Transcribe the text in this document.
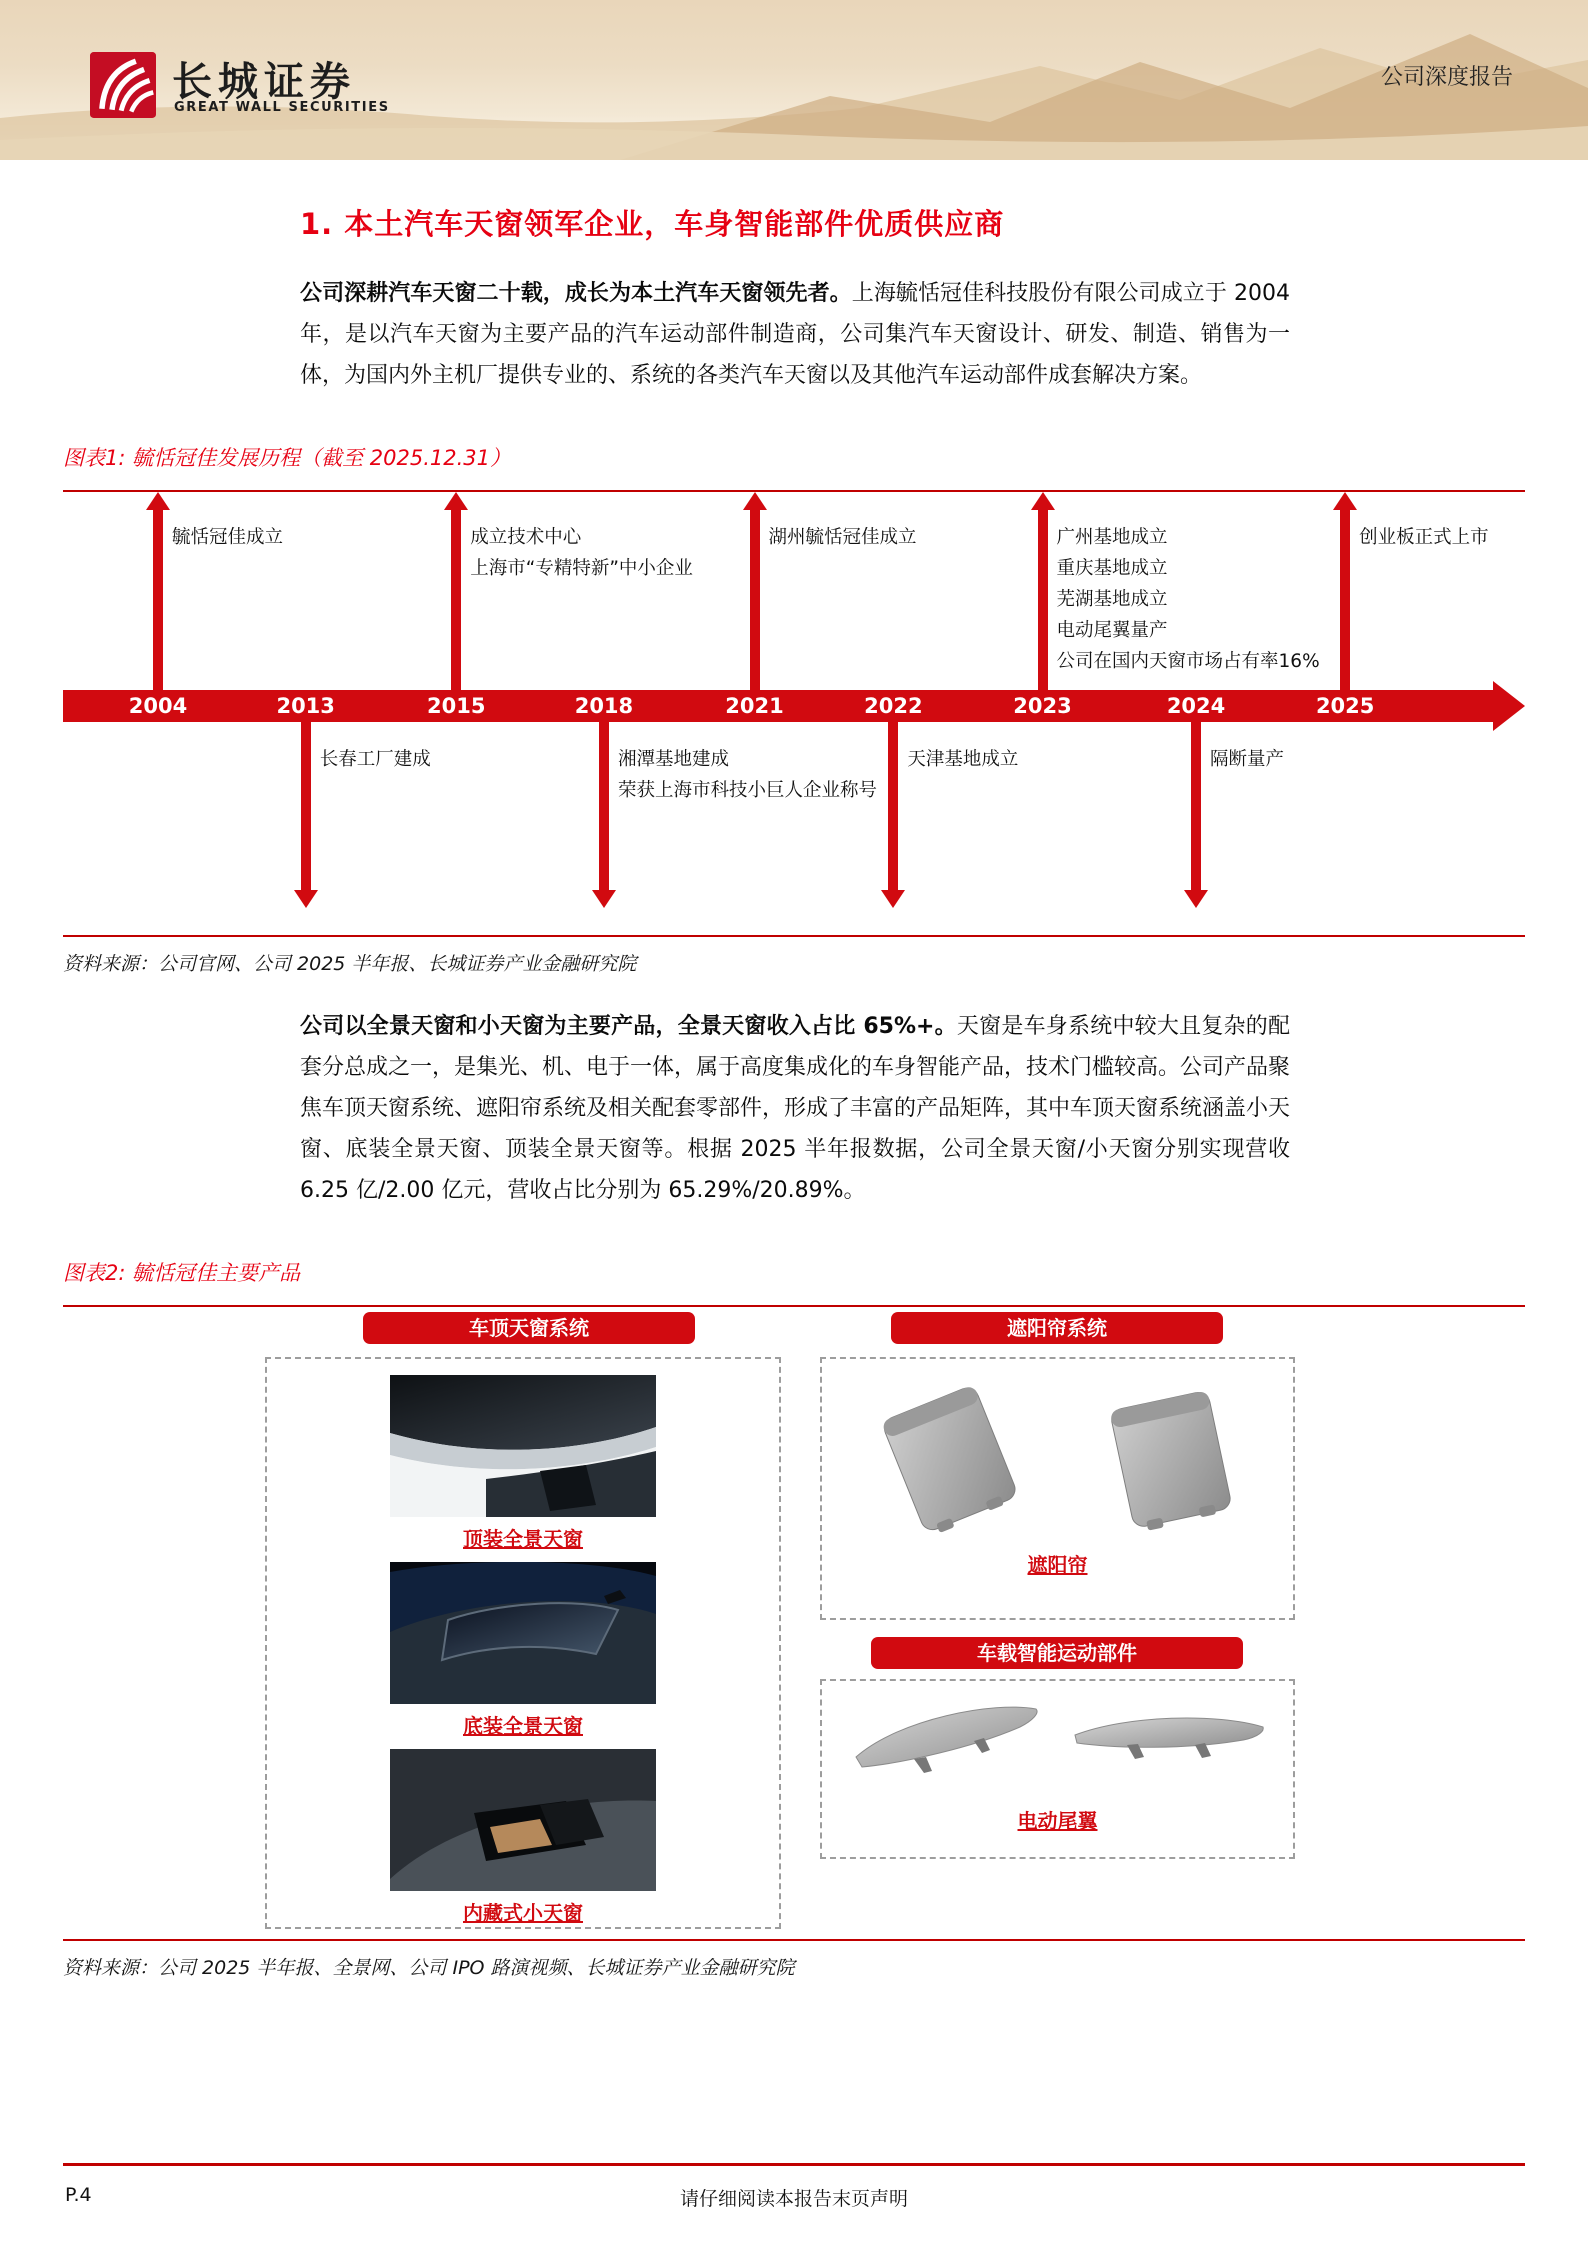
长城证券
GREAT WALL SECURITIES
公司深度报告
1. 本土汽车天窗领军企业，车身智能部件优质供应商

公司深耕汽车天窗二十载，成长为本土汽车天窗领先者。上海毓恬冠佳科技股份有限公司成立于 2004 年，是以汽车天窗为主要产品的汽车运动部件制造商，公司集汽车天窗设计、研发、制造、销售为一体，为国内外主机厂提供专业的、系统的各类汽车天窗以及其他汽车运动部件成套解决方案。

图表1: 毓恬冠佳发展历程（截至 2025.12.31）
2004	2013	2015	2018	2021	2022	2023	2024	2025
毓恬冠佳成立	成立技术中心
上海市“专精特新”中小企业
湖州毓恬冠佳成立	广州基地成立
重庆基地成立
芜湖基地成立
电动尾翼量产
公司在国内天窗市场占有率16%
创业板正式上市
长春工厂建成	湘潭基地建成
荣获上海市科技小巨人企业称号
天津基地成立	隔断量产
资料来源：公司官网、公司 2025 半年报、长城证券产业金融研究院

公司以全景天窗和小天窗为主要产品，全景天窗收入占比 65%+。天窗是车身系统中较大且复杂的配套分总成之一，是集光、机、电于一体，属于高度集成化的车身智能产品，技术门槛较高。公司产品聚焦车顶天窗系统、遮阳帘系统及相关配套零部件，形成了丰富的产品矩阵，其中车顶天窗系统涵盖小天窗、底装全景天窗、顶装全景天窗等。根据 2025 半年报数据，公司全景天窗/小天窗分别实现营收 6.25 亿/2.00 亿元，营收占比分别为 65.29%/20.89%。

图表2: 毓恬冠佳主要产品
车顶天窗系统
顶装全景天窗
底装全景天窗
内藏式小天窗
遮阳帘系统
遮阳帘
车载智能运动部件
电动尾翼
资料来源：公司 2025 半年报、全景网、公司 IPO 路演视频、长城证券产业金融研究院
P.4	请仔细阅读本报告末页声明
